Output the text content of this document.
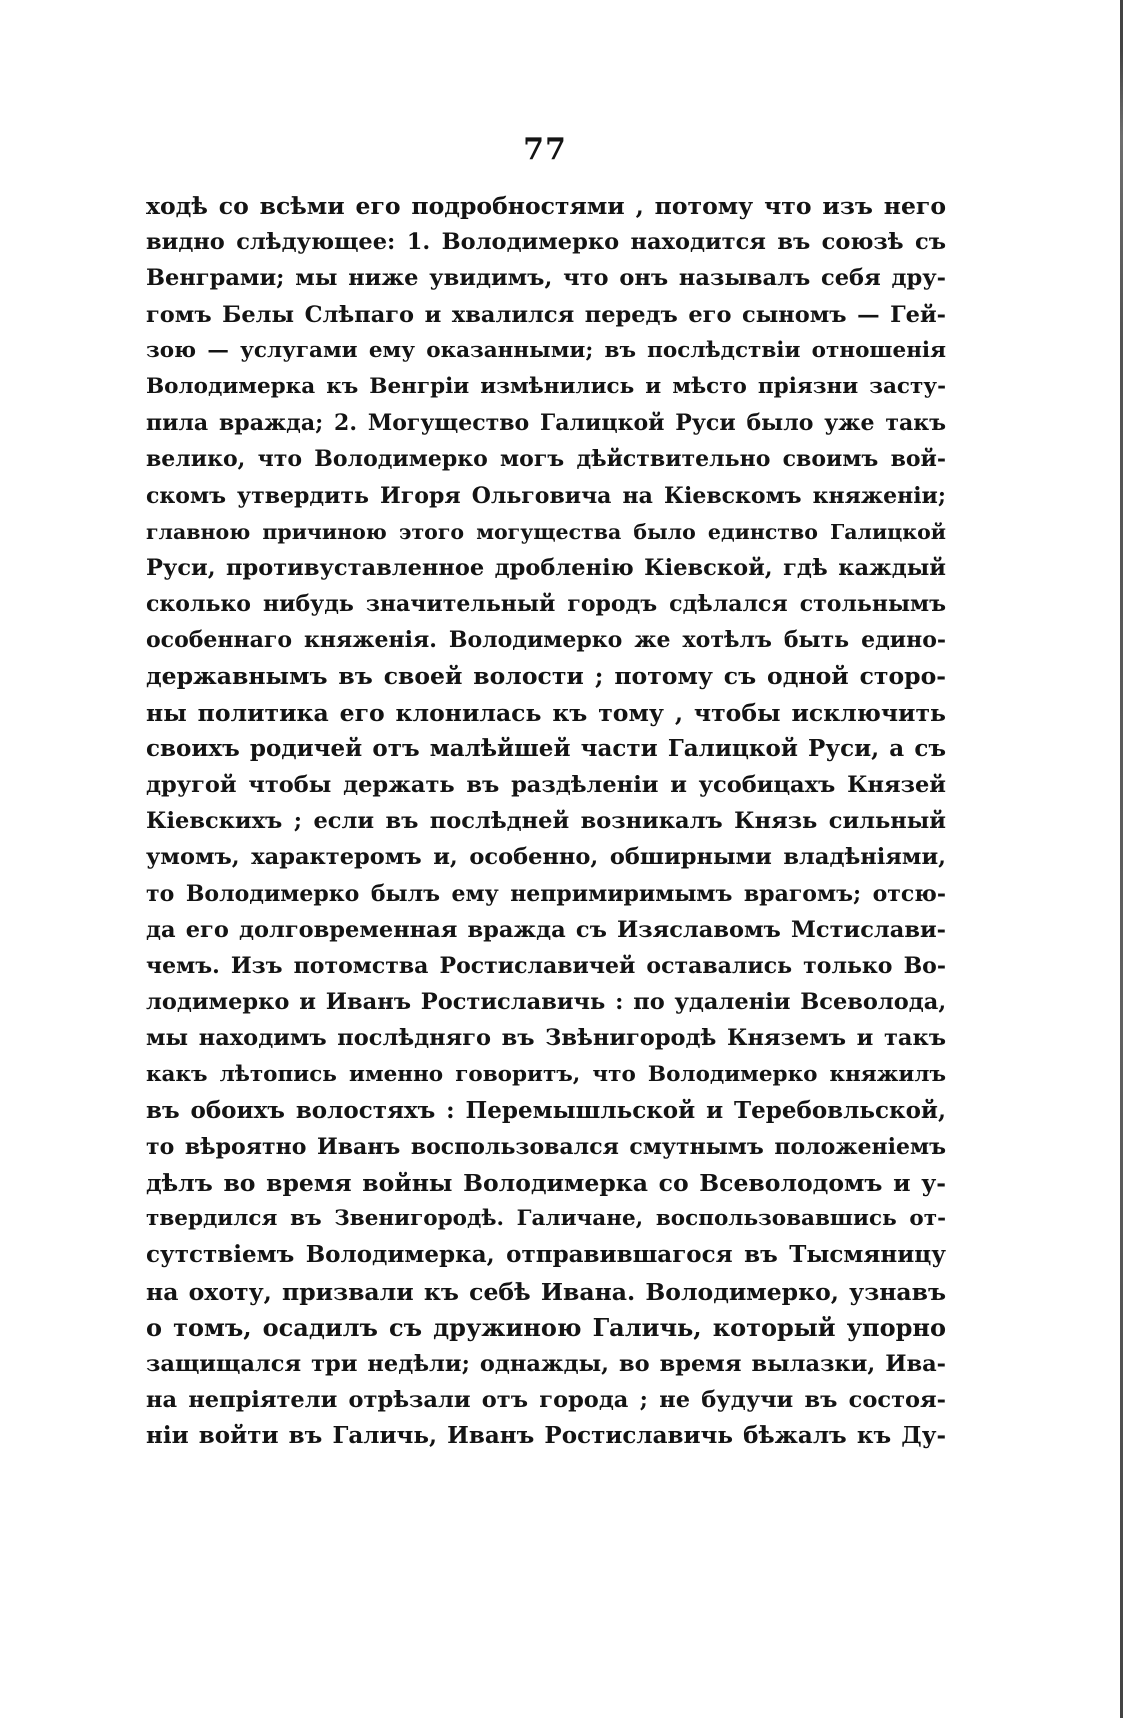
77
ходѣ со всѣми его подробностями , потому что изъ него
видно слѣдующее: 1. Володимерко находится въ союзѣ съ
Венграми; мы ниже увидимъ, что онъ называлъ себя дру-
гомъ Белы Слѣпаго и хвалился передъ его сыномъ — Гей-
зою — услугами ему оказанными; въ послѣдствіи отношенія
Володимерка къ Венгріи измѣнились и мѣсто пріязни засту-
пила вражда; 2. Могущество Галицкой Руси было уже такъ
велико, что Володимерко могъ дѣйствительно своимъ вой-
скомъ утвердить Игоря Ольговича на Кіевскомъ княженіи;
главною причиною этого могущества было единство Галицкой
Руси, противуставленное дробленію Кіевской, гдѣ каждый
сколько нибудь значительный городъ сдѣлался стольнымъ
особеннаго княженія. Володимерко же хотѣлъ быть едино-
державнымъ въ своей волости ; потому съ одной сторо-
ны политика его клонилась къ тому , чтобы исключить
своихъ родичей отъ малѣйшей части Галицкой Руси, а съ
другой чтобы держать въ раздѣленіи и усобицахъ Князей
Кіевскихъ ; если въ послѣдней возникалъ Князь сильный
умомъ, характеромъ и, особенно, обширными владѣніями,
то Володимерко былъ ему непримиримымъ врагомъ; отсю-
да его долговременная вражда съ Изяславомъ Мстислави-
чемъ. Изъ потомства Ростиславичей оставались только Во-
лодимерко и Иванъ Ростиславичь : по удаленіи Всеволода,
мы находимъ послѣдняго въ Звѣнигородѣ Княземъ и такъ
какъ лѣтопись именно говоритъ, что Володимерко княжилъ
въ обоихъ волостяхъ : Перемышльской и Теребовльской,
то вѣроятно Иванъ воспользовался смутнымъ положеніемъ
дѣлъ во время войны Володимерка со Всеволодомъ и у-
твердился въ Звенигородѣ. Галичане, воспользовавшись от-
сутствіемъ Володимерка, отправившагося въ Тысмяницу
на охоту, призвали къ себѣ Ивана. Володимерко, узнавъ
о томъ, осадилъ съ дружиною Галичь, который упорно
защищался три недѣли; однажды, во время вылазки, Ива-
на непріятели отрѣзали отъ города ; не будучи въ состоя-
ніи войти въ Галичь, Иванъ Ростиславичь бѣжалъ къ Ду-
